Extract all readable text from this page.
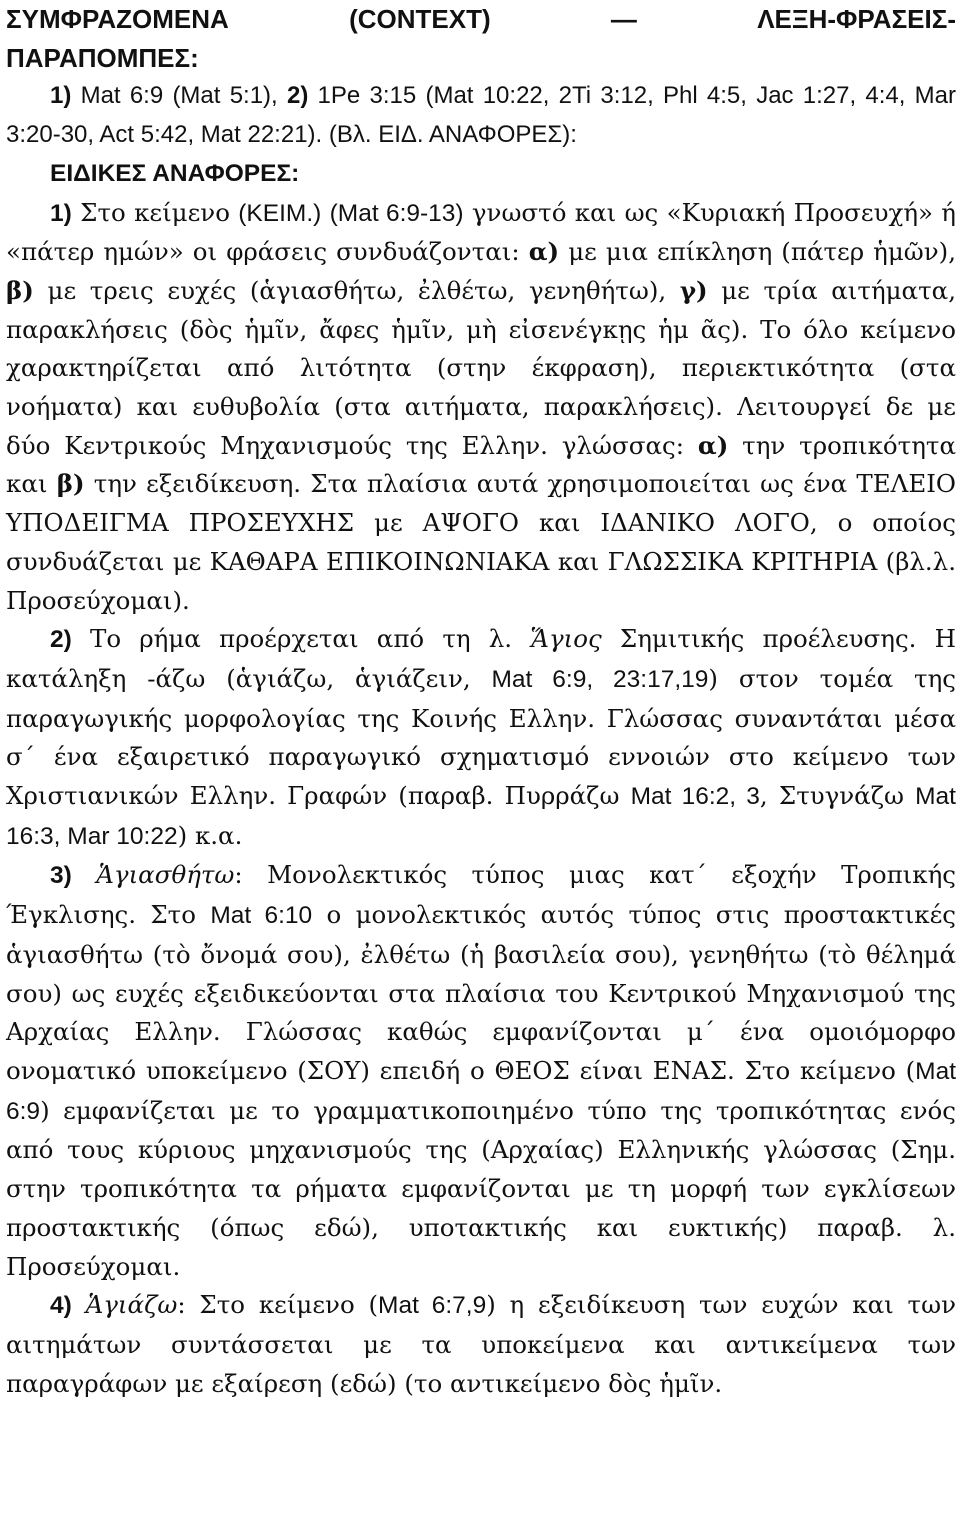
ΣΥΜΦΡΑΖΟΜΕΝΑ	(CONTEXT)	—	ΛΕΞΗ-ΦΡΑΣΕΙΣ-
ΠΑΡΑΠΟΜΠΕΣ:

1) Mat 6:9 (Mat 5:1), 2) 1Pe 3:15 (Mat 10:22, 2Ti 3:12, Phl 4:5, Jac 1:27, 4:4, Mar 3:20-30, Act 5:42, Mat 22:21). (Βλ. ΕΙΔ. ΑΝΑΦΟΡΕΣ):

ΕΙΔΙΚΕΣ ΑΝΑΦΟΡΕΣ:

1) Στο κείμενο (ΚΕΙΜ.) (Mat 6:9-13) γνωστό και ως «Κυριακή Προσευχή» ή «πάτερ ημών» οι φράσεις συνδυάζονται: α) με μια επίκληση (πάτερ ἡμῶν), β) με τρεις ευχές (ἁγιασθήτω, ἐλθέτω, γενηθήτω), γ) με τρία αιτήματα, παρακλήσεις (δὸς ἡμῖν, ἄφες ἡμῖν, μὴ εἰσενέγκῃς ἡμ ᾶς). Το όλο κείμενο χαρακτηρίζεται από λιτότητα (στην έκφραση), περιεκτικότητα (στα νοήματα) και ευθυβολία (στα αιτήματα, παρακλήσεις). Λειτουργεί δε με δύο Κεντρικούς Μηχανισμούς της Ελλην. γλώσσας: α) την τροπικότητα και β) την εξειδίκευση. Στα πλαίσια αυτά χρησιμοποιείται ως ένα ΤΕΛΕΙΟ ΥΠΟΔΕΙΓΜΑ ΠΡΟΣΕΥΧΗΣ με ΑΨΟΓΟ και ΙΔΑΝΙΚΟ ΛΟΓΟ, ο οποίος συνδυάζεται με ΚΑΘΑΡΑ ΕΠΙΚΟΙΝΩΝΙΑΚΑ και ΓΛΩΣΣΙΚΑ ΚΡΙΤΗΡΙΑ (βλ.λ. Προσεύχομαι).

2) Το ρήμα προέρχεται από τη λ. Ἅγιος Σημιτικής προέλευσης. Η κατάληξη -άζω (ἁγιάζω, ἁγιάζειν, Mat 6:9, 23:17,19) στον τομέα της παραγωγικής μορφολογίας της Κοινής Ελλην. Γλώσσας συναντάται μέσα σ΄ ένα εξαιρετικό παραγωγικό σχηματισμό εννοιών στο κείμενο των Χριστιανικών Ελλην. Γραφών (παραβ. Πυρράζω Mat 16:2, 3, Στυγνάζω Mat 16:3, Mar 10:22) κ.α.

3) Ἁγιασθήτω: Μονολεκτικός τύπος μιας κατ΄ εξοχήν Τροπικής Έγκλισης. Στο Mat 6:10 ο μονολεκτικός αυτός τύπος στις προστακτικές ἁγιασθήτω (τὸ ὄνομά σου), ἐλθέτω (ἡ βασιλεία σου), γενηθήτω (τὸ θέλημά σου) ως ευχές εξειδικεύονται στα πλαίσια του Κεντρικού Μηχανισμού της Αρχαίας Ελλην. Γλώσσας καθώς εμφανίζονται μ΄ ένα ομοιόμορφο ονοματικό υποκείμενο (ΣΟΥ) επειδή ο ΘΕΟΣ είναι ΕΝΑΣ. Στο κείμενο (Mat 6:9) εμφανίζεται με το γραμματικοποιημένο τύπο της τροπικότητας ενός από τους κύριους μηχανισμούς της (Αρχαίας) Ελληνικής γλώσσας (Σημ. στην τροπικότητα τα ρήματα εμφανίζονται με τη μορφή των εγκλίσεων προστακτικής (όπως εδώ), υποτακτικής και ευκτικής) παραβ. λ. Προσεύχομαι.

4) Ἁγιάζω: Στο κείμενο (Mat 6:7,9) η εξειδίκευση των ευχών και των αιτημάτων συντάσσεται με τα υποκείμενα και αντικείμενα των παραγράφων με εξαίρεση (εδώ) (το αντικείμενο δὸς ἡμῖν.
